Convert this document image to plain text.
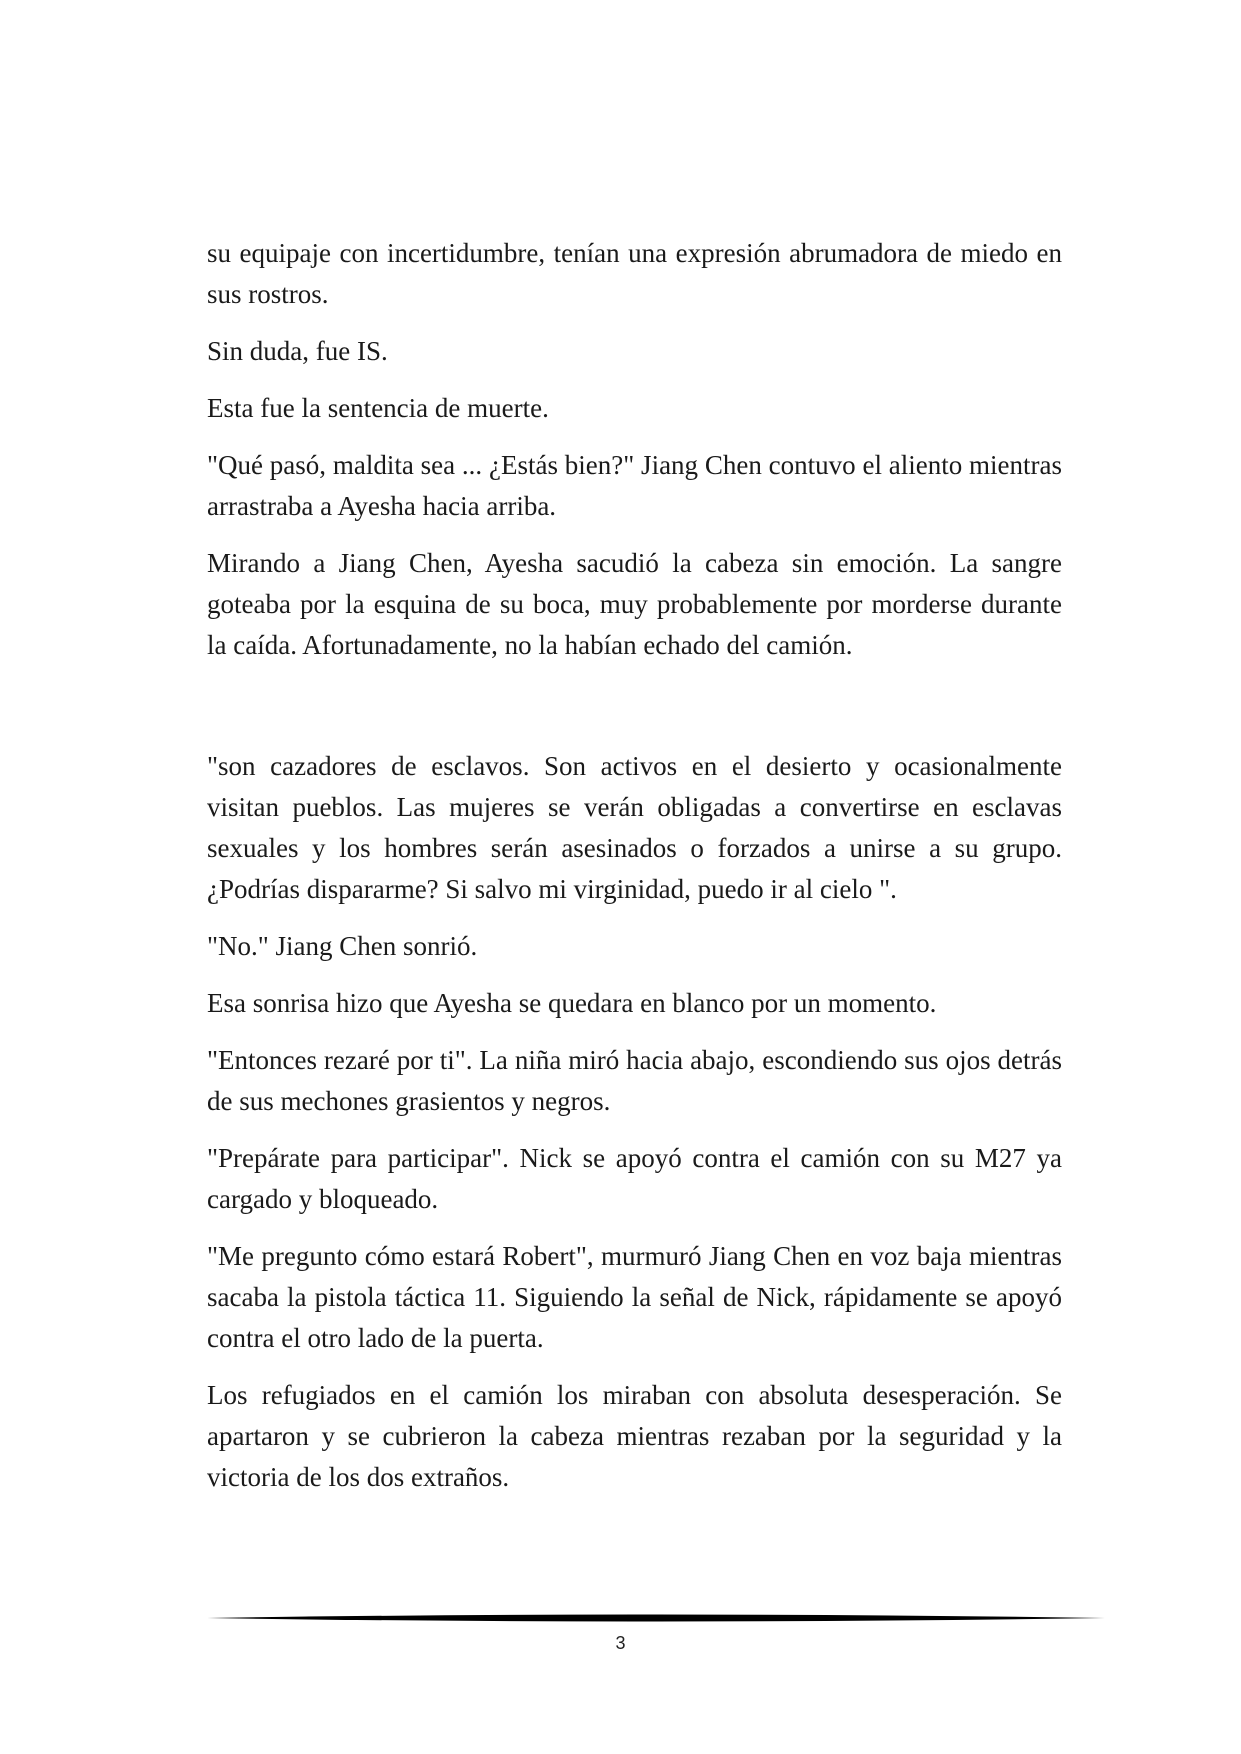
su equipaje con incertidumbre, tenían una expresión abrumadora de miedo en sus rostros.

Sin duda, fue IS.

Esta fue la sentencia de muerte.

"Qué pasó, maldita sea ... ¿Estás bien?" Jiang Chen contuvo el aliento mientras arrastraba a Ayesha hacia arriba.

Mirando a Jiang Chen, Ayesha sacudió la cabeza sin emoción. La sangre goteaba por la esquina de su boca, muy probablemente por morderse durante la caída. Afortunadamente, no la habían echado del camión.

"son cazadores de esclavos. Son activos en el desierto y ocasionalmente visitan pueblos. Las mujeres se verán obligadas a convertirse en esclavas sexuales y los hombres serán asesinados o forzados a unirse a su grupo. ¿Podrías dispararme? Si salvo mi virginidad, puedo ir al cielo ".

"No." Jiang Chen sonrió.

Esa sonrisa hizo que Ayesha se quedara en blanco por un momento.

"Entonces rezaré por ti". La niña miró hacia abajo, escondiendo sus ojos detrás de sus mechones grasientos y negros.

"Prepárate para participar". Nick se apoyó contra el camión con su M27 ya cargado y bloqueado.

"Me pregunto cómo estará Robert", murmuró Jiang Chen en voz baja mientras sacaba la pistola táctica 11. Siguiendo la señal de Nick, rápidamente se apoyó contra el otro lado de la puerta.

Los refugiados en el camión los miraban con absoluta desesperación. Se apartaron y se cubrieron la cabeza mientras rezaban por la seguridad y la victoria de los dos extraños.

3
